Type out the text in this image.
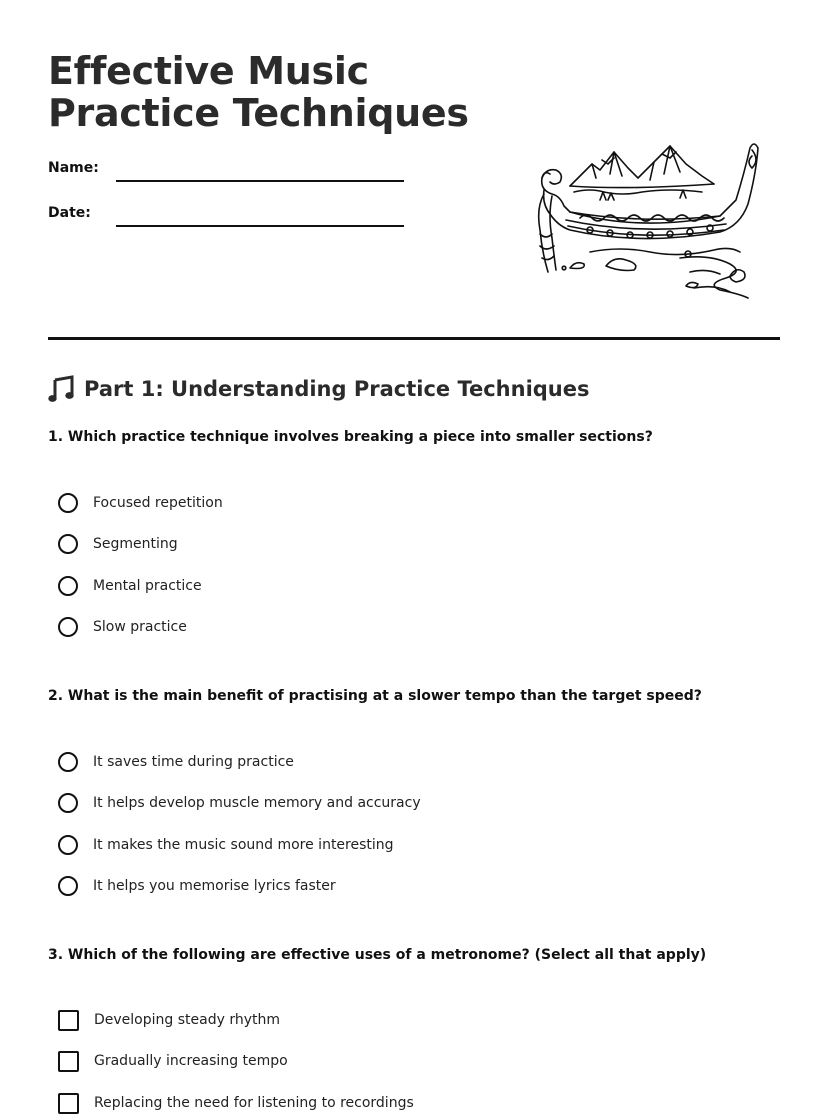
Effective Music Practice Techniques
Name:
Date:
Part 1: Understanding Practice Techniques
1. Which practice technique involves breaking a piece into smaller sections?
Focused repetition
Segmenting
Mental practice
Slow practice
2. What is the main benefit of practising at a slower tempo than the target speed?
It saves time during practice
It helps develop muscle memory and accuracy
It makes the music sound more interesting
It helps you memorise lyrics faster
3. Which of the following are effective uses of a metronome? (Select all that apply)
Developing steady rhythm
Gradually increasing tempo
Replacing the need for listening to recordings
